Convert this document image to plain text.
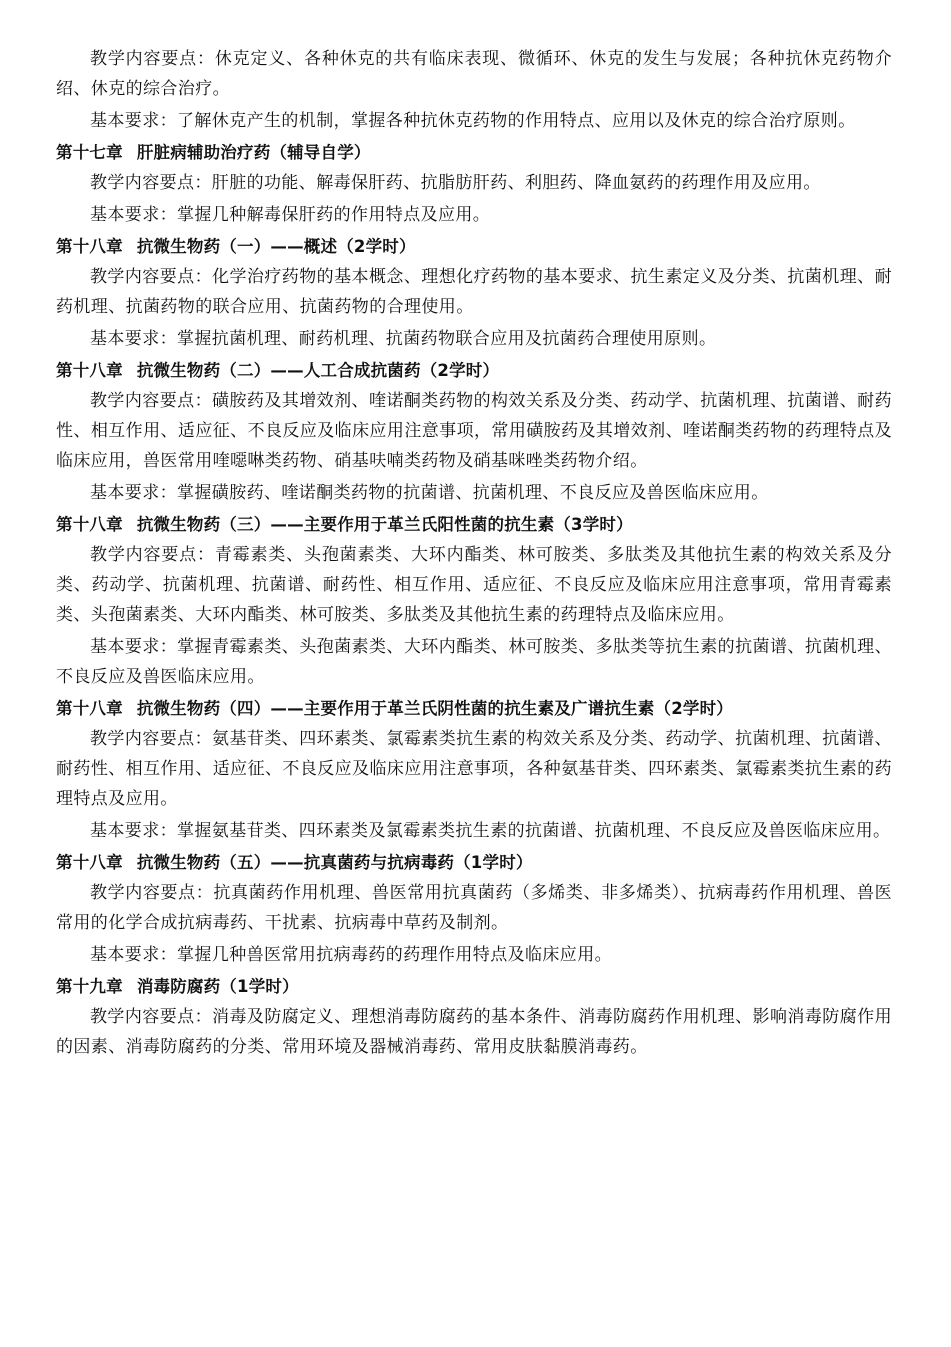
教学内容要点：休克定义、各种休克的共有临床表现、微循环、休克的发生与发展；各种抗休克药物介绍、休克的综合治疗。

基本要求：了解休克产生的机制，掌握各种抗休克药物的作用特点、应用以及休克的综合治疗原则。

第十七章 肝脏病辅助治疗药（辅导自学）

教学内容要点：肝脏的功能、解毒保肝药、抗脂肪肝药、利胆药、降血氨药的药理作用及应用。

基本要求：掌握几种解毒保肝药的作用特点及应用。

第十八章 抗微生物药（一）——概述（2学时）

教学内容要点：化学治疗药物的基本概念、理想化疗药物的基本要求、抗生素定义及分类、抗菌机理、耐药机理、抗菌药物的联合应用、抗菌药物的合理使用。

基本要求：掌握抗菌机理、耐药机理、抗菌药物联合应用及抗菌药合理使用原则。

第十八章 抗微生物药（二）——人工合成抗菌药（2学时）

教学内容要点：磺胺药及其增效剂、喹诺酮类药物的构效关系及分类、药动学、抗菌机理、抗菌谱、耐药性、相互作用、适应征、不良反应及临床应用注意事项，常用磺胺药及其增效剂、喹诺酮类药物的药理特点及临床应用，兽医常用喹噁啉类药物、硝基呋喃类药物及硝基咪唑类药物介绍。

基本要求：掌握磺胺药、喹诺酮类药物的抗菌谱、抗菌机理、不良反应及兽医临床应用。

第十八章 抗微生物药（三）——主要作用于革兰氏阳性菌的抗生素（3学时）

教学内容要点：青霉素类、头孢菌素类、大环内酯类、林可胺类、多肽类及其他抗生素的构效关系及分类、药动学、抗菌机理、抗菌谱、耐药性、相互作用、适应征、不良反应及临床应用注意事项，常用青霉素类、头孢菌素类、大环内酯类、林可胺类、多肽类及其他抗生素的药理特点及临床应用。

基本要求：掌握青霉素类、头孢菌素类、大环内酯类、林可胺类、多肽类等抗生素的抗菌谱、抗菌机理、不良反应及兽医临床应用。

第十八章 抗微生物药（四）——主要作用于革兰氏阴性菌的抗生素及广谱抗生素（2学时）

教学内容要点：氨基苷类、四环素类、氯霉素类抗生素的构效关系及分类、药动学、抗菌机理、抗菌谱、耐药性、相互作用、适应征、不良反应及临床应用注意事项，各种氨基苷类、四环素类、氯霉素类抗生素的药理特点及应用。

基本要求：掌握氨基苷类、四环素类及氯霉素类抗生素的抗菌谱、抗菌机理、不良反应及兽医临床应用。

第十八章 抗微生物药（五）——抗真菌药与抗病毒药（1学时）

教学内容要点：抗真菌药作用机理、兽医常用抗真菌药（多烯类、非多烯类）、抗病毒药作用机理、兽医常用的化学合成抗病毒药、干扰素、抗病毒中草药及制剂。

基本要求：掌握几种兽医常用抗病毒药的药理作用特点及临床应用。

第十九章 消毒防腐药（1学时）

教学内容要点：消毒及防腐定义、理想消毒防腐药的基本条件、消毒防腐药作用机理、影响消毒防腐作用的因素、消毒防腐药的分类、常用环境及器械消毒药、常用皮肤黏膜消毒药。
